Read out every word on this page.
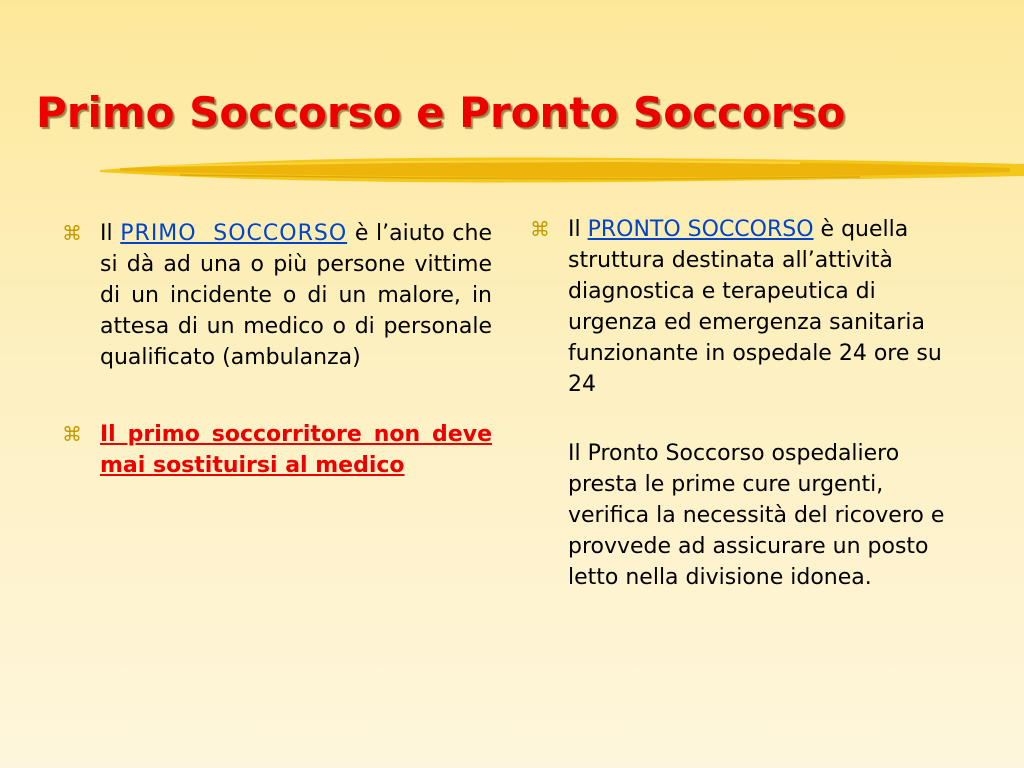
Primo Soccorso e Pronto Soccorso
⌘ Il PRIMO SOCCORSO è l’aiuto che si dà ad una o più persone vittime di un incidente o di un malore, in attesa di un medico o di personale qualificato (ambulanza)

⌘ Il primo soccorritore non deve mai sostituirsi al medico

⌘ Il PRONTO SOCCORSO è quella struttura destinata all’attività diagnostica e terapeutica di urgenza ed emergenza sanitaria funzionante in ospedale 24 ore su 24

Il Pronto Soccorso ospedaliero presta le prime cure urgenti, verifica la necessità del ricovero e provvede ad assicurare un posto letto nella divisione idonea.
